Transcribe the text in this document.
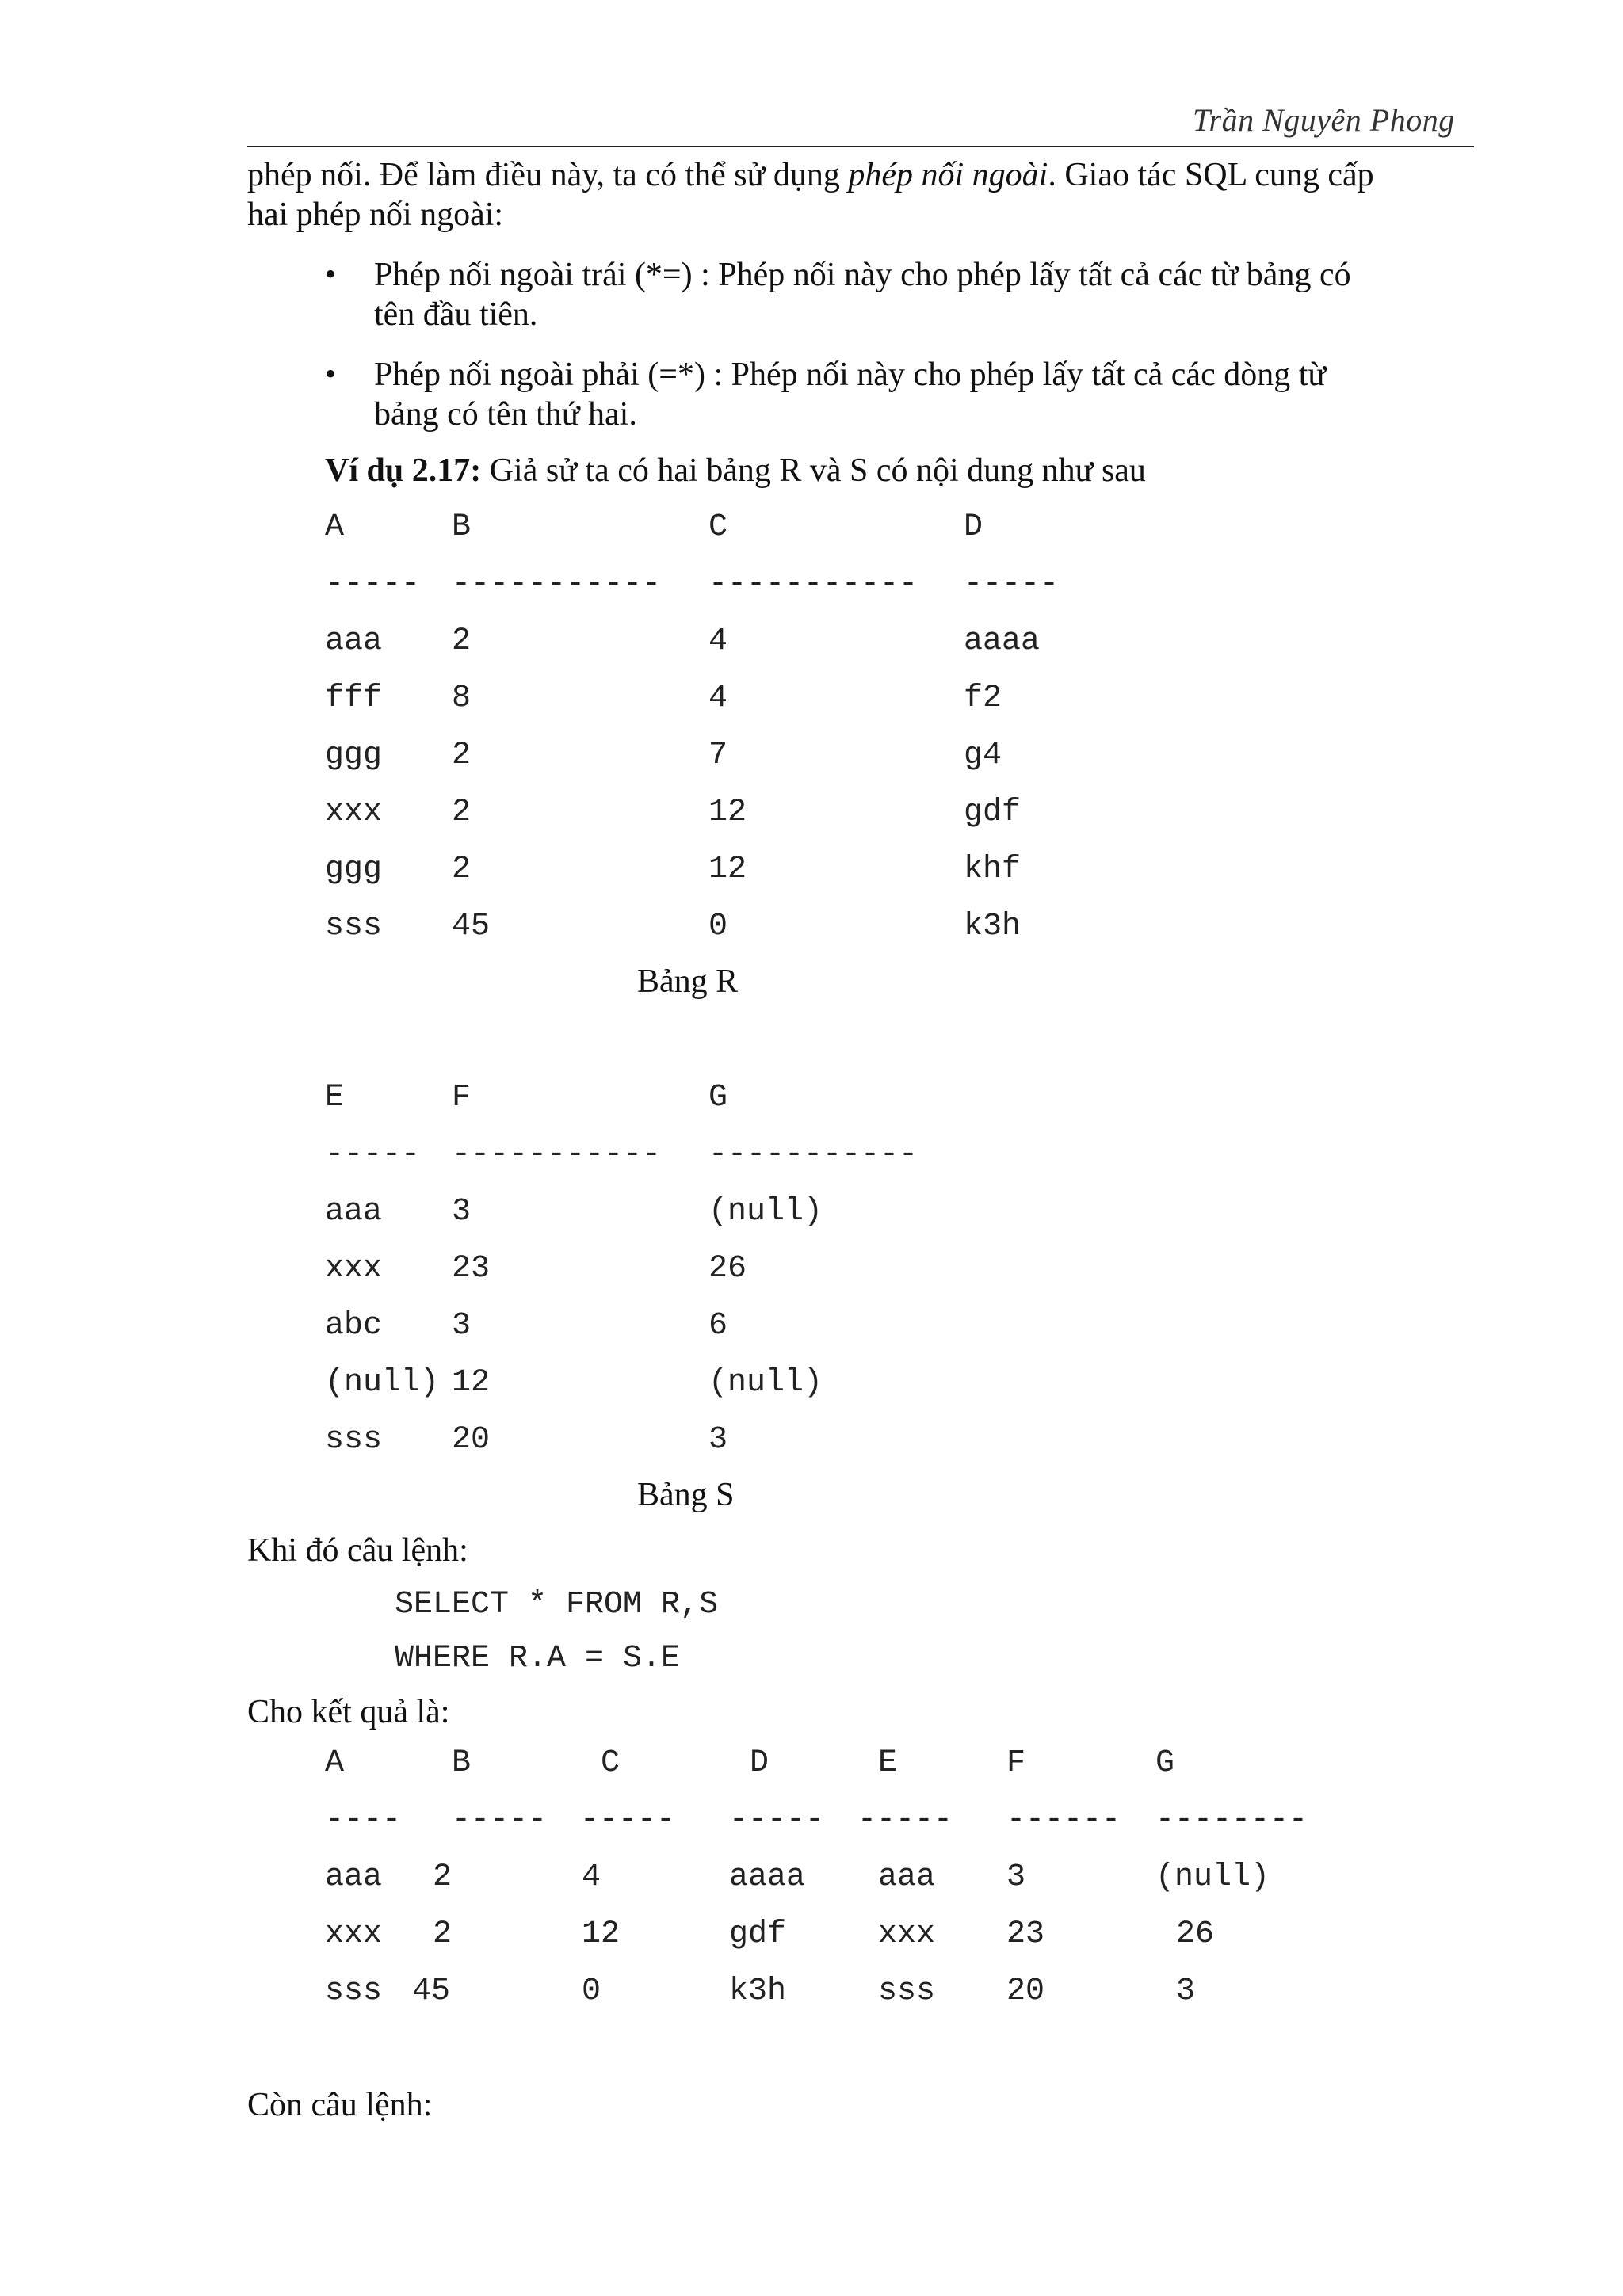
Trần Nguyên Phong
phép nối. Để làm điều này, ta có thể sử dụng phép nối ngoài. Giao tác SQL cung cấp
hai phép nối ngoài:
• Phép nối ngoài trái (*=) : Phép nối này cho phép lấy tất cả các từ bảng có
tên đầu tiên.
• Phép nối ngoài phải (=*) : Phép nối này cho phép lấy tất cả các dòng từ
bảng có tên thứ hai.
Ví dụ 2.17: Giả sử ta có hai bảng R và S có nội dung như sau
A	B	C	D
----- ----------- ----------- -----
aaa 2	4	aaaa
fff 8	4	f2
ggg 2	7	g4
xxx 2	12	gdf
ggg 2	12	khf
sss 45	0	k3h
Bảng R
E	F	G
----- ----------- -----------
aaa 3	(null)
xxx 23	26
abc 3	6
(null) 12	(null)
sss 20	3
Bảng S
Khi đó câu lệnh:
SELECT * FROM R,S
WHERE R.A = S.E
Cho kết quả là:
A	B	C	D	E	F	G
---- ----- ----- ----- ----- ------ --------
aaa 2	4	aaaa aaa 3	(null)
xxx 2	12	gdf	xxx 23	26
sss 45	0	k3h	sss 20	3
Còn câu lệnh:
